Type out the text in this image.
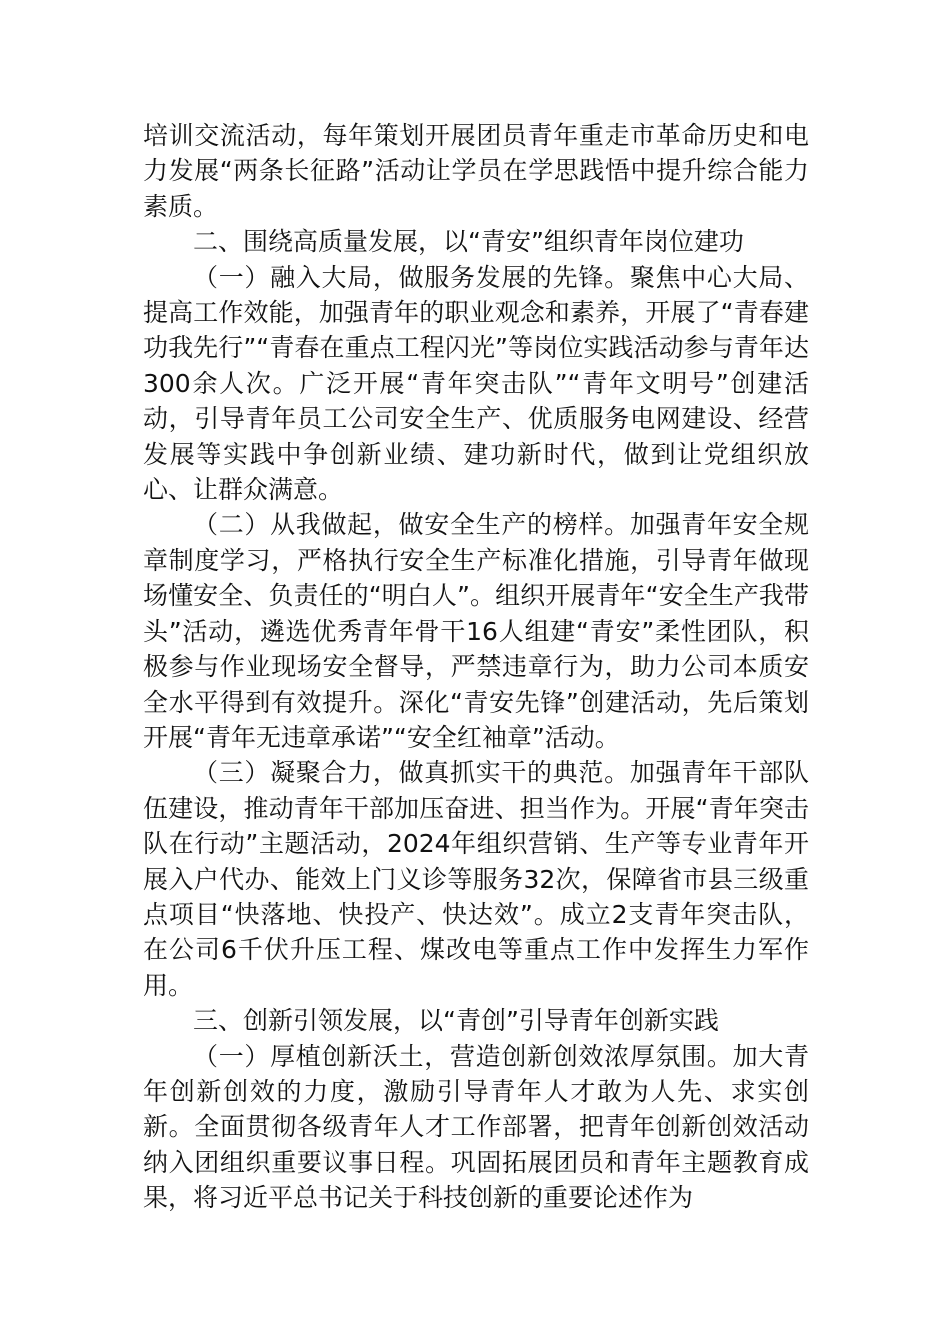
培训交流活动，每年策划开展团员青年重走市革命历史和电力发展“两条长征路”活动让学员在学思践悟中提升综合能力素质。

二、围绕高质量发展，以“青安”组织青年岗位建功

（一）融入大局，做服务发展的先锋。聚焦中心大局、提高工作效能，加强青年的职业观念和素养，开展了“青春建功我先行”“青春在重点工程闪光”等岗位实践活动参与青年达300余人次。广泛开展“青年突击队”“青年文明号”创建活动，引导青年员工公司安全生产、优质服务电网建设、经营发展等实践中争创新业绩、建功新时代，做到让党组织放心、让群众满意。

（二）从我做起，做安全生产的榜样。加强青年安全规章制度学习，严格执行安全生产标准化措施，引导青年做现场懂安全、负责任的“明白人”。组织开展青年“安全生产我带头”活动，遴选优秀青年骨干16人组建“青安”柔性团队，积极参与作业现场安全督导，严禁违章行为，助力公司本质安全水平得到有效提升。深化“青安先锋”创建活动，先后策划开展“青年无违章承诺”“安全红袖章”活动。

（三）凝聚合力，做真抓实干的典范。加强青年干部队伍建设，推动青年干部加压奋进、担当作为。开展“青年突击队在行动”主题活动，2024年组织营销、生产等专业青年开展入户代办、能效上门义诊等服务32次，保障省市县三级重点项目“快落地、快投产、快达效”。成立2支青年突击队，在公司6千伏升压工程、煤改电等重点工作中发挥生力军作用。

三、创新引领发展，以“青创”引导青年创新实践

（一）厚植创新沃土，营造创新创效浓厚氛围。加大青年创新创效的力度，激励引导青年人才敢为人先、求实创新。全面贯彻各级青年人才工作部署，把青年创新创效活动纳入团组织重要议事日程。巩固拓展团员和青年主题教育成果，将习近平总书记关于科技创新的重要论述作为
